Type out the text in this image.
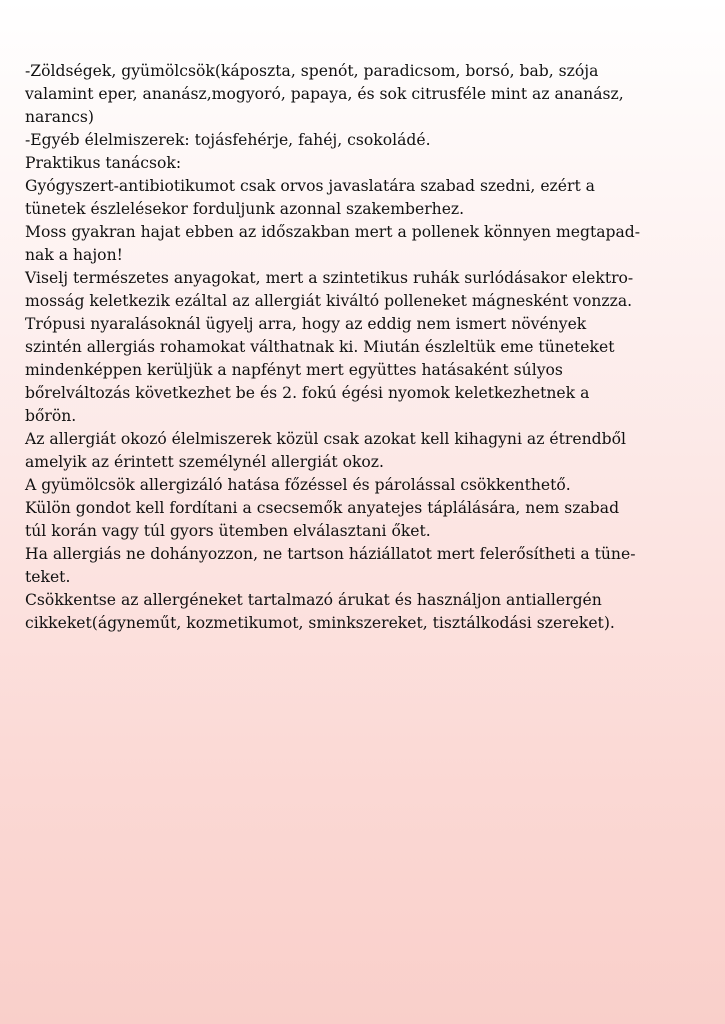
-Zöldségek, gyümölcsök(káposzta, spenót, paradicsom, borsó, bab, szója
valamint eper, ananász,mogyoró, papaya, és sok citrusféle mint az ananász,
narancs)
-Egyéb élelmiszerek: tojásfehérje, fahéj, csokoládé.
Praktikus tanácsok:
Gyógyszert-antibiotikumot csak orvos javaslatára szabad szedni, ezért a
tünetek észlelésekor forduljunk azonnal szakemberhez.
Moss gyakran hajat ebben az időszakban mert a pollenek könnyen megtapad-
nak a hajon!
Viselj természetes anyagokat, mert a szintetikus ruhák surlódásakor elektro-
mosság keletkezik ezáltal az allergiát kiváltó polleneket mágnesként vonzza.
Trópusi nyaralásoknál ügyelj arra, hogy az eddig nem ismert növények
szintén allergiás rohamokat válthatnak ki. Miután észleltük eme tüneteket
mindenképpen kerüljük a napfényt mert együttes hatásaként súlyos
bőrelváltozás következhet be és 2. fokú égési nyomok keletkezhetnek a
bőrön.
Az allergiát okozó élelmiszerek közül csak azokat kell kihagyni az étrendből
amelyik az érintett személynél allergiát okoz.
A gyümölcsök allergizáló hatása főzéssel és párolással csökkenthető.
Külön gondot kell fordítani a csecsemők anyatejes táplálására, nem szabad
túl korán vagy túl gyors ütemben elválasztani őket.
Ha allergiás ne dohányozzon, ne tartson háziállatot mert felerősítheti a tüne-
teket.
Csökkentse az allergéneket tartalmazó árukat és használjon antiallergén
cikkeket(ágyneműt, kozmetikumot, sminkszereket, tisztálkodási szereket).
